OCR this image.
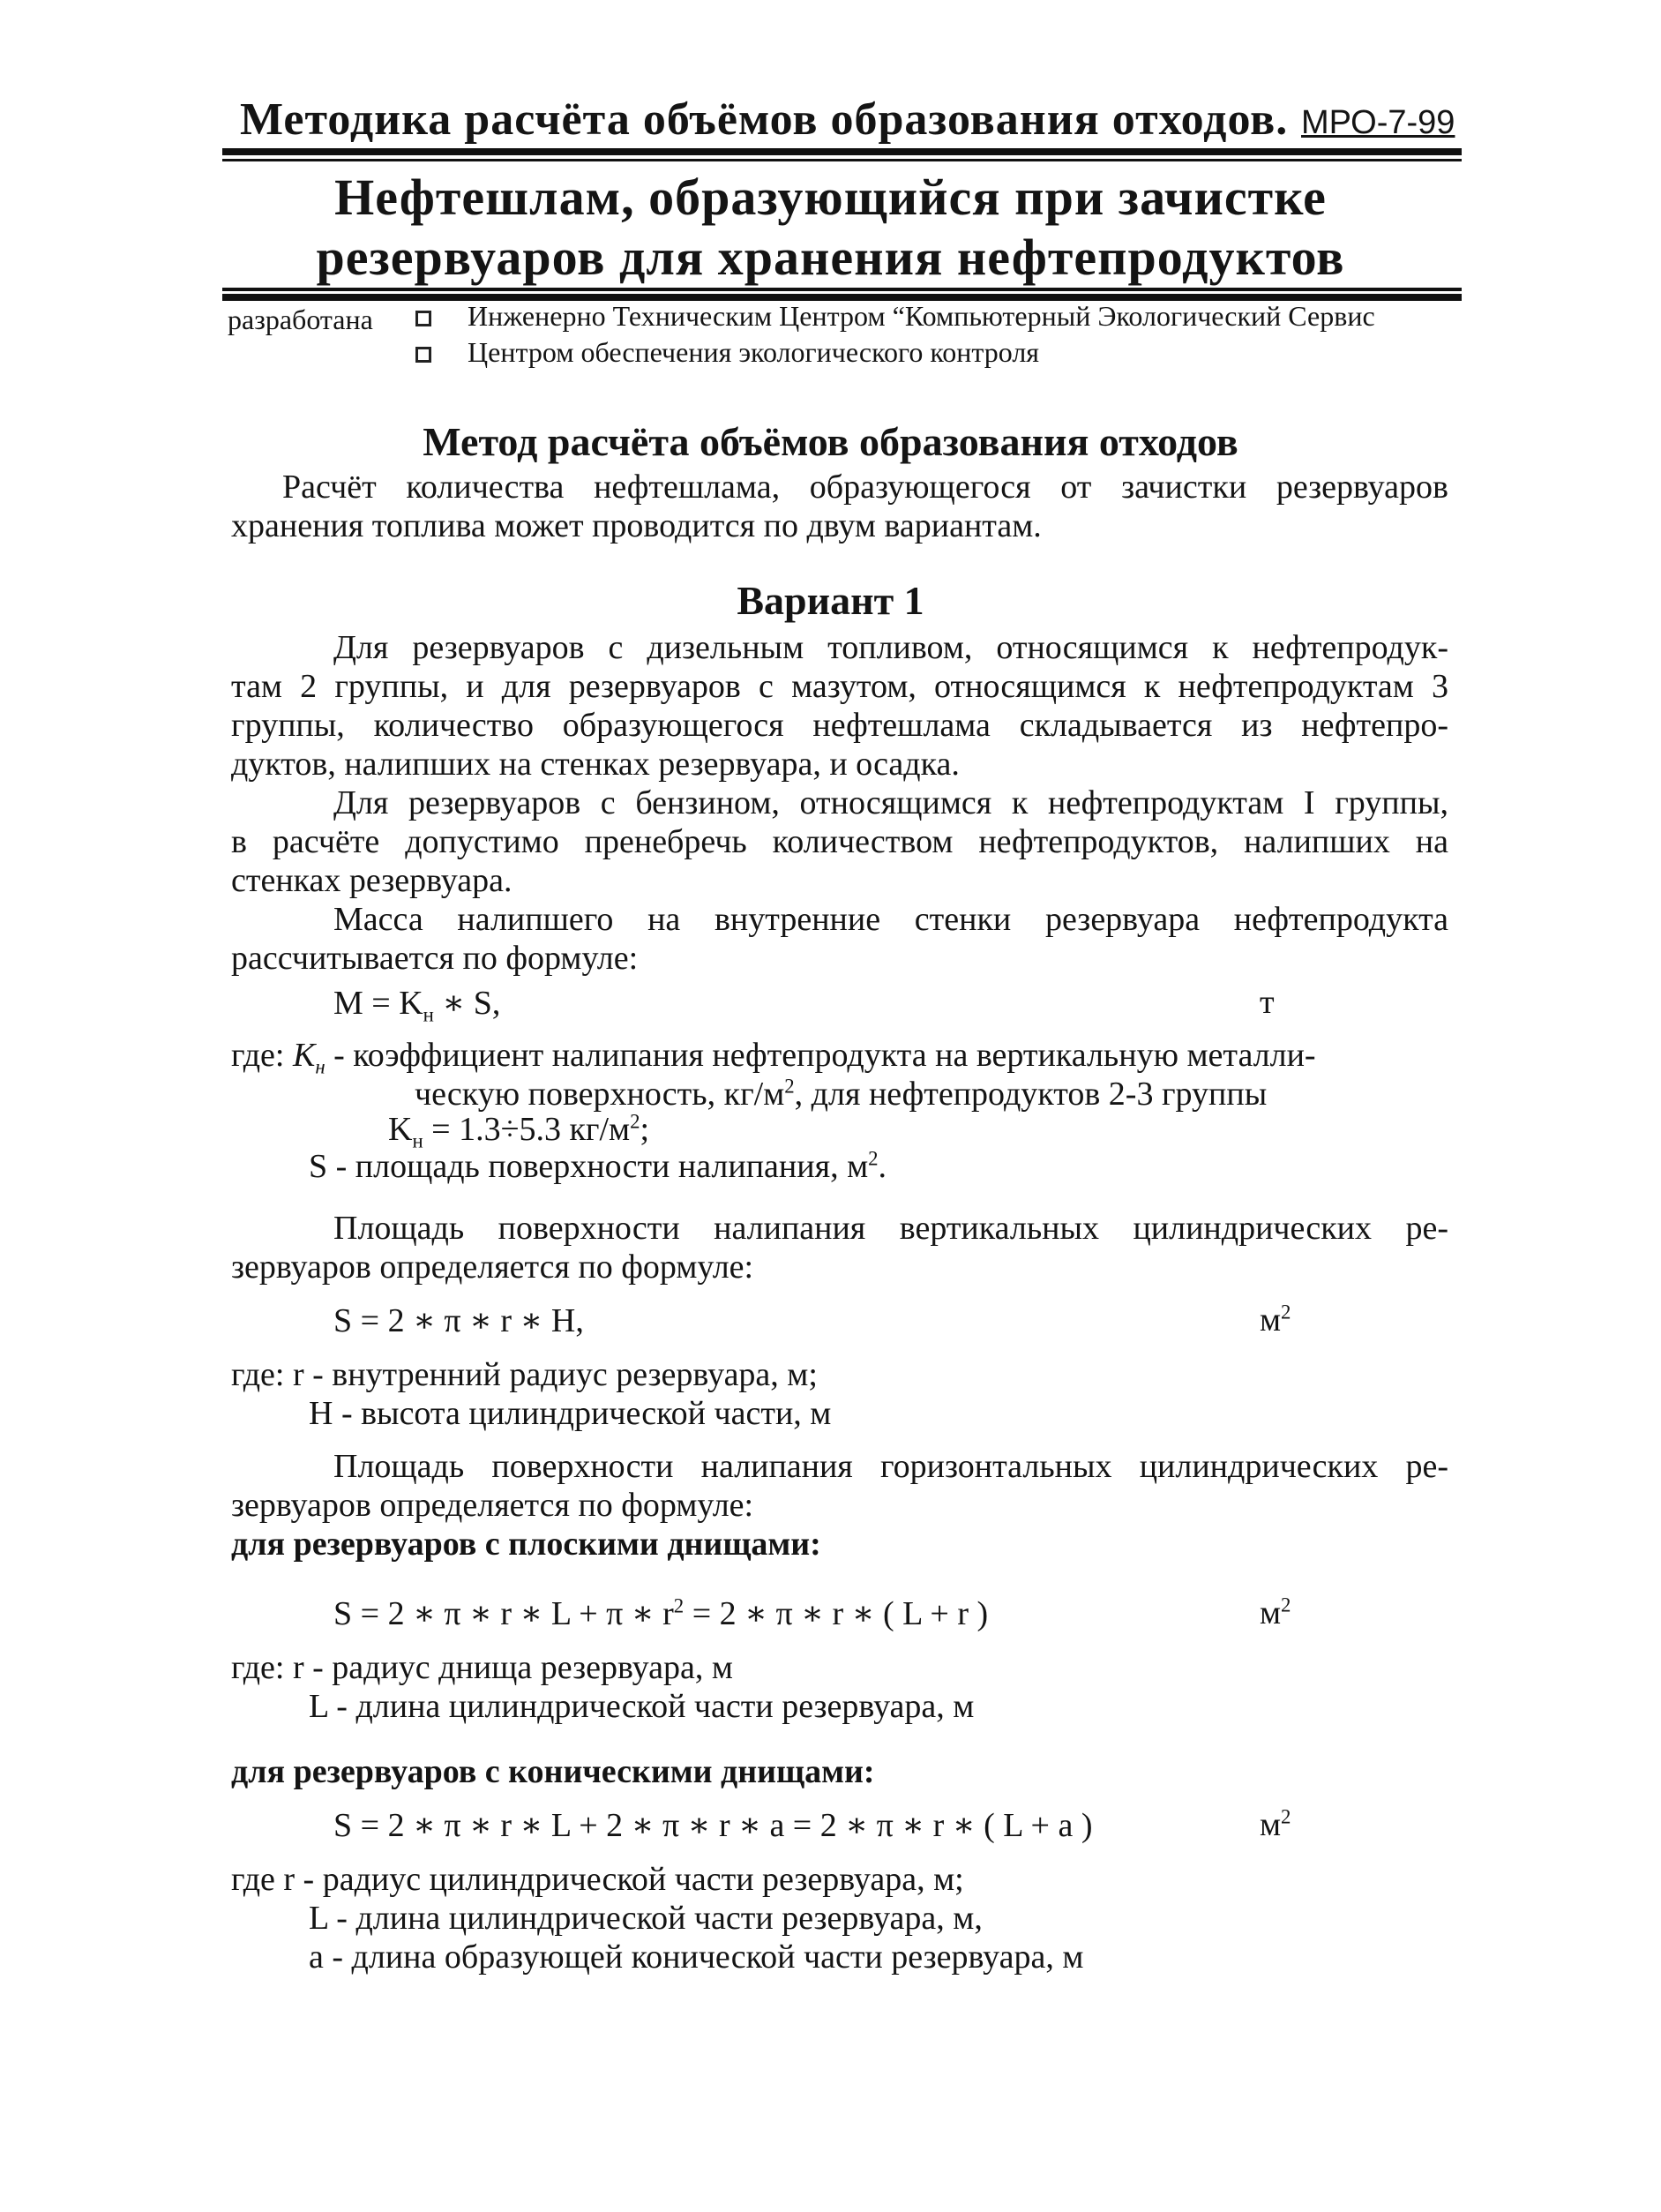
Методика расчёта объёмов образования отходов. МРО-7-99
Нефтешлам, образующийся при зачистке
резервуаров для хранения нефтепродуктов
разработана	Инженерно Техническим Центром “Компьютерный Экологический Сервис
Центром обеспечения экологического контроля
Метод расчёта объёмов образования отходов
Расчёт количества нефтешлама, образующегося от зачистки резервуаров
хранения топлива может проводится по двум вариантам.
Вариант 1
Для резервуаров с дизельным топливом, относящимся к нефтепродук-
там 2 группы, и для резервуаров с мазутом, относящимся к нефтепродуктам 3
группы, количество образующегося нефтешлама складывается из нефтепро-
дуктов, налипших на стенках резервуара, и осадка.
Для резервуаров с бензином, относящимся к нефтепродуктам I группы,
в расчёте допустимо пренебречь количеством нефтепродуктов, налипших на
стенках резервуара.
Масса налипшего на внутренние стенки резервуара нефтепродукта
рассчитывается по формуле:
$M = K_н$ ∗ S,	т
где: $K_н$ - коэффициент налипания нефтепродукта на вертикальную металли-
ческую поверхность, $кг/м^2$, для нефтепродуктов 2-3 группы
$K_н = 1.3\div 5.3$ $кг/м^2$;
S - площадь поверхности налипания, $м^2$.
Площадь поверхности налипания вертикальных цилиндрических ре-
зервуаров определяется по формуле:
S = 2 ∗ π ∗ r ∗ H,	$м^2$
где: r - внутренний радиус резервуара, м;
H - высота цилиндрической части, м
Площадь поверхности налипания горизонтальных цилиндрических ре-
зервуаров определяется по формуле:
для резервуаров с плоскими днищами:
S = 2 ∗ π ∗ r ∗ L + π ∗ $r^2 = 2$ ∗ π ∗ r ∗ ( L + r )	$м^2$
где: r - радиус днища резервуара, м
L - длина цилиндрической части резервуара, м
для резервуаров с коническими днищами:
S = 2 ∗ π ∗ r ∗ L + 2 ∗ π ∗ r ∗ a = 2 ∗ π ∗ r ∗ ( L + a )	$м^2$
где r - радиус цилиндрической части резервуара, м;
L - длина цилиндрической части резервуара, м,
a - длина образующей конической части резервуара, м
